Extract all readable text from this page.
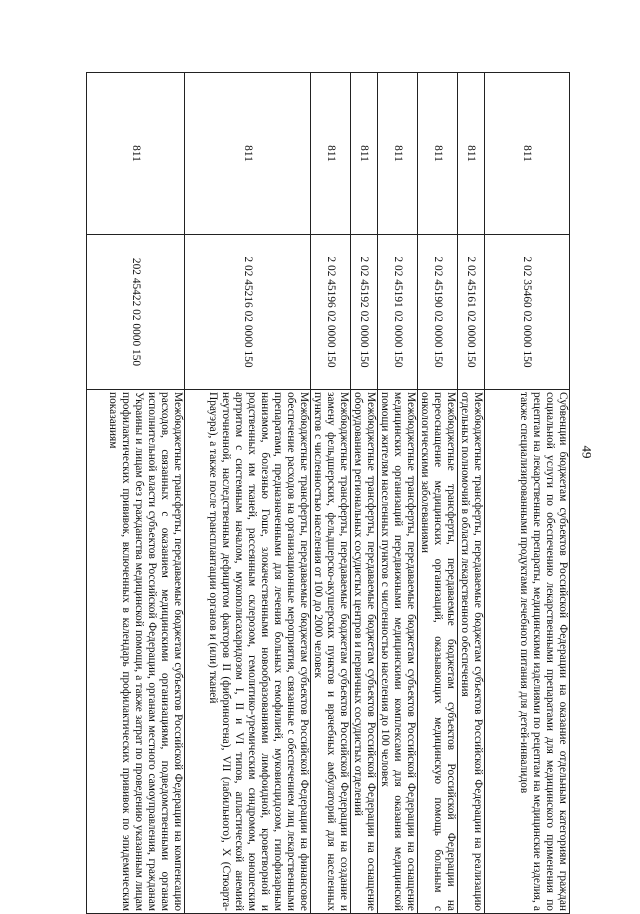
49
811	2 02 35460 02 0000 150	Субвенции бюджетам субъектов Российской Федерации на оказание отдельным категориям граждан социальной услуги по обеспечению лекарственными препаратами для медицинского применения по рецептам на лекарственные препараты, медицинскими изделиями по рецептам на медицинские изделия, а также специализированными продуктами лечебного питания для детей-инвалидов
811	2 02 45161 02 0000 150	Межбюджетные трансферты, передаваемые бюджетам субъектов Российской Федерации на реализацию отдельных полномочий в области лекарственного обеспечения
811	2 02 45190 02 0000 150	Межбюджетные трансферты, передаваемые бюджетам субъектов Российской Федерации на переоснащение медицинских организаций, оказывающих медицинскую помощь больным с онкологическими заболеваниями
811	2 02 45191 02 0000 150	Межбюджетные трансферты, передаваемые бюджетам субъектов Российской Федерации на оснащение медицинских организаций передвижными медицинскими комплексами для оказания медицинской помощи жителям населенных пунктов с численностью населения до 100 человек
811	2 02 45192 02 0000 150	Межбюджетные трансферты, передаваемые бюджетам субъектов Российской Федерации на оснащение оборудованием региональных сосудистых центров и первичных сосудистых отделений
811	2 02 45196 02 0000 150	Межбюджетные трансферты, передаваемые бюджетам субъектов Российской Федерации на создание и замену фельдшерских, фельдшерско-акушерских пунктов и врачебных амбулаторий для населенных пунктов с численностью населения от 100 до 2000 человек
811	2 02 45216 02 0000 150	Межбюджетные трансферты, передаваемые бюджетам субъектов Российской Федерации на финансовое обеспечение расходов на организационные мероприятия, связанные с обеспечением лиц лекарственными препаратами, предназначенными для лечения больных гемофилией, муковисцидозом, гипофизарным нанизмом, болезнью Гоше, злокачественными новообразованиями лимфоидной, кроветворной и родственных им тканей, рассеянным склерозом, гемолитико-уремическим синдромом, юношеским артритом с системным началом, мукополисахаридозом I, II и VI типов, апластической анемией неуточненной, наследственным дефицитом факторов II (фибриногена), VII (лабильного), X (Стюарта-Прауэра), а также после трансплантации органов и (или) тканей
811	202 45422 02 0000 150	Межбюджетные трансферты, передаваемые бюджетам субъектов Российской Федерации на компенсацию расходов, связанных с оказанием медицинскими организациями, подведомственными органам исполнительной власти субъектов Российской Федерации, органам местного самоуправления, гражданам Украины и лицам без гражданства медицинской помощи, а также затрат по проведению указанным лицам профилактических прививок, включенных в календарь профилактических прививок по эпидемическим показаниям
